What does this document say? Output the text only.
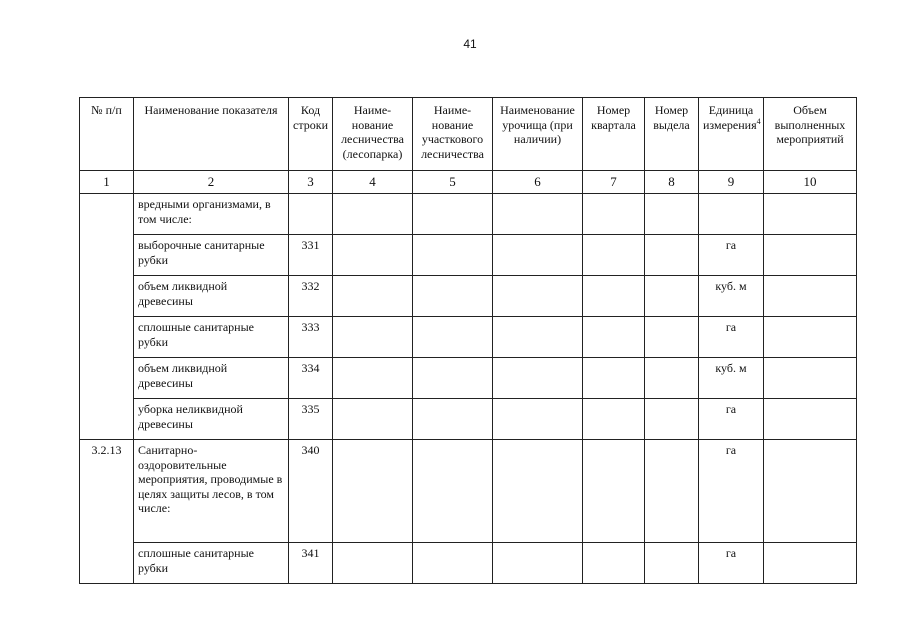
41
№ п/п	Наименование показателя	Код строки	Наиме-нование лесничества (лесопарка)	Наиме-нование участкового лесничества	Наименование урочища (при наличии)	Номер квартала	Номер выдела	Единица измерения$^4$	Объем выполненных мероприятий
1	2	3	4	5	6	7	8	9	10
	вредными организмами, в том числе:								
	выборочные санитарные рубки	331						га	
	объем ликвидной древесины	332						куб. м	
	сплошные санитарные рубки	333						га	
	объем ликвидной древесины	334						куб. м	
	уборка неликвидной древесины	335						га	
3.2.13	Санитарно-оздоровительные мероприятия, проводимые в целях защиты лесов, в том числе:	340						га	
	сплошные санитарные рубки	341						га	
